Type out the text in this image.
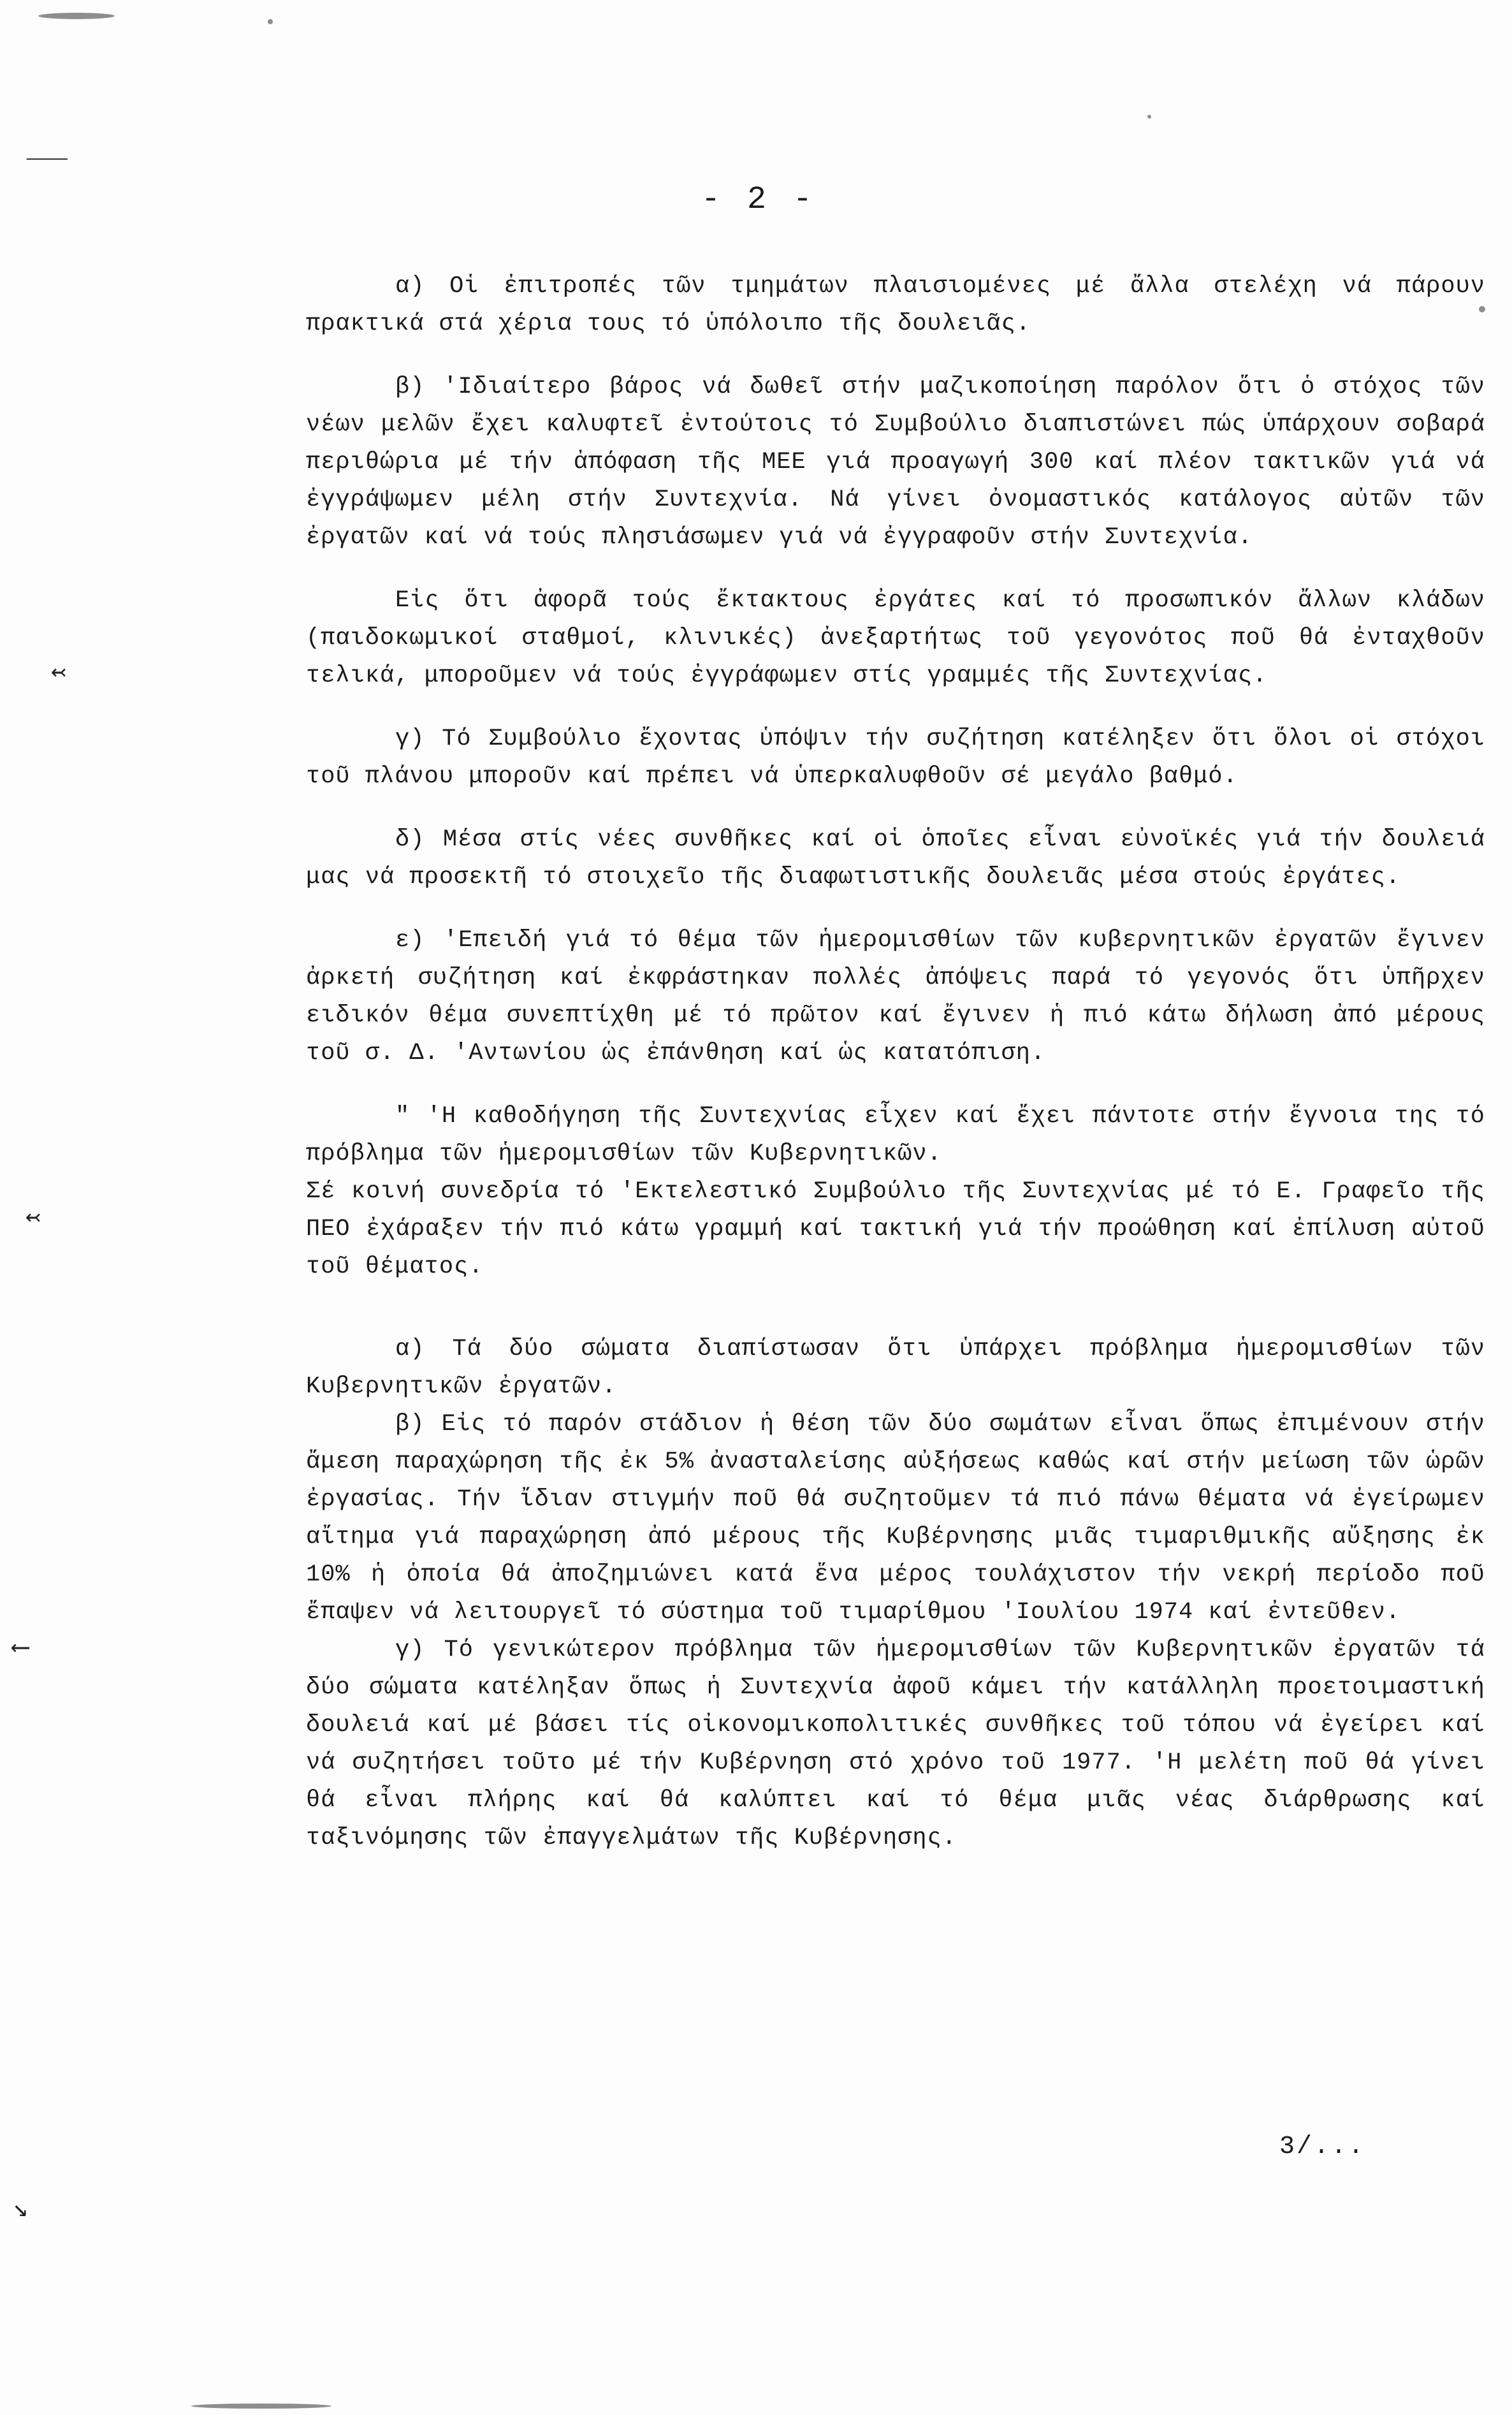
⸺
↢
↢
⟵
↘
- 2 -

α) Οἱ ἐπιτροπές τῶν τμημάτων πλαισιομένες μέ ἄλλα στελέχη νά πάρουν πρακτικά στά χέρια τους τό ὑπόλοιπο τῆς δουλειᾶς.

β) 'Ιδιαίτερο βάρος νά δωθεῖ στήν μαζικοποίηση παρόλον ὅτι ὁ στόχος τῶν νέων μελῶν ἔχει καλυφτεῖ ἐντούτοις τό Συμβούλιο διαπιστώνει πώς ὑπάρχουν σοβαρά περιθώρια μέ τήν ἀπόφαση τῆς ΜΕΕ γιά προαγωγή 300 καί πλέον τακτικῶν γιά νά ἐγγράψωμεν μέλη στήν Συντεχνία. Νά γίνει ὀνομαστικός κατάλογος αὐτῶν τῶν ἐργατῶν καί νά τούς πλησιάσωμεν γιά νά ἐγγραφοῦν στήν Συντεχνία.

Εἰς ὅτι ἀφορᾶ τούς ἔκτακτους ἐργάτες καί τό προσωπικόν ἄλλων κλάδων (παιδοκωμικοί σταθμοί, κλινικές) ἀνεξαρτήτως τοῦ γεγονότος ποῦ θά ἐνταχθοῦν τελικά, μποροῦμεν νά τούς ἐγγράφωμεν στίς γραμμές τῆς Συντεχνίας.

γ) Τό Συμβούλιο ἔχοντας ὑπόψιν τήν συζήτηση κατέληξεν ὅτι ὅλοι οἱ στόχοι τοῦ πλάνου μποροῦν καί πρέπει νά ὑπερκαλυφθοῦν σέ μεγάλο βαθμό.

δ) Μέσα στίς νέες συνθῆκες καί οἱ ὁποῖες εἶναι εὐνοϊκές γιά τήν δουλειά μας νά προσεκτῆ τό στοιχεῖο τῆς διαφωτιστικῆς δουλειᾶς μέσα στούς ἐργάτες.

ε) 'Επειδή γιά τό θέμα τῶν ἡμερομισθίων τῶν κυβερνητικῶν ἐργατῶν ἔγινεν ἀρκετή συζήτηση καί ἐκφράστηκαν πολλές ἀπόψεις παρά τό γεγονός ὅτι ὑπῆρχεν ειδικόν θέμα συνεπτίχθη μέ τό πρῶτον καί ἔγινεν ἡ πιό κάτω δήλωση ἀπό μέρους τοῦ σ. Δ. 'Αντωνίου ὡς ἐπάνθηση καί ὡς κατατόπιση.

" 'Η καθοδήγηση τῆς Συντεχνίας εἶχεν καί ἔχει πάντοτε στήν ἔγνοια της τό πρόβλημα τῶν ἡμερομισθίων τῶν Κυβερνητικῶν.

Σέ κοινή συνεδρία τό 'Εκτελεστικό Συμβούλιο τῆς Συντεχνίας μέ τό Ε. Γραφεῖο τῆς ΠΕΟ ἐχάραξεν τήν πιό κάτω γραμμή καί τακτική γιά τήν προώθηση καί ἐπίλυση αὐτοῦ τοῦ θέματος.

α) Τά δύο σώματα διαπίστωσαν ὅτι ὑπάρχει πρόβλημα ἡμερομισθίων τῶν Κυβερνητικῶν ἐργατῶν.

β) Εἰς τό παρόν στάδιον ἡ θέση τῶν δύο σωμάτων εἶναι ὅπως ἐπιμένουν στήν ἄμεση παραχώρηση τῆς ἐκ 5% ἀνασταλείσης αὐξήσεως καθώς καί στήν μείωση τῶν ὡρῶν ἐργασίας. Τήν ἴδιαν στιγμήν ποῦ θά συζητοῦμεν τά πιό πάνω θέματα νά ἐγείρωμεν αἴτημα γιά παραχώρηση ἀπό μέρους τῆς Κυβέρνησης μιᾶς τιμαριθμικῆς αὔξησης ἐκ 10% ἡ ὁποία θά ἀποζημιώνει κατά ἕνα μέρος τουλάχιστον τήν νεκρή περίοδο ποῦ ἔπαψεν νά λειτουργεῖ τό σύστημα τοῦ τιμαρίθμου 'Ιουλίου 1974 καί ἐντεῦθεν.

γ) Τό γενικώτερον πρόβλημα τῶν ἡμερομισθίων τῶν Κυβερνητικῶν ἐργατῶν τά δύο σώματα κατέληξαν ὅπως ἡ Συντεχνία ἀφοῦ κάμει τήν κατάλληλη προετοιμαστική δουλειά καί μέ βάσει τίς οἰκονομικοπολιτικές συνθῆκες τοῦ τόπου νά ἐγείρει καί νά συζητήσει τοῦτο μέ τήν Κυβέρνηση στό χρόνο τοῦ 1977. 'Η μελέτη ποῦ θά γίνει θά εἶναι πλήρης καί θά καλύπτει καί τό θέμα μιᾶς νέας διάρθρωσης καί ταξινόμησης τῶν ἐπαγγελμάτων τῆς Κυβέρνησης.

3/...
